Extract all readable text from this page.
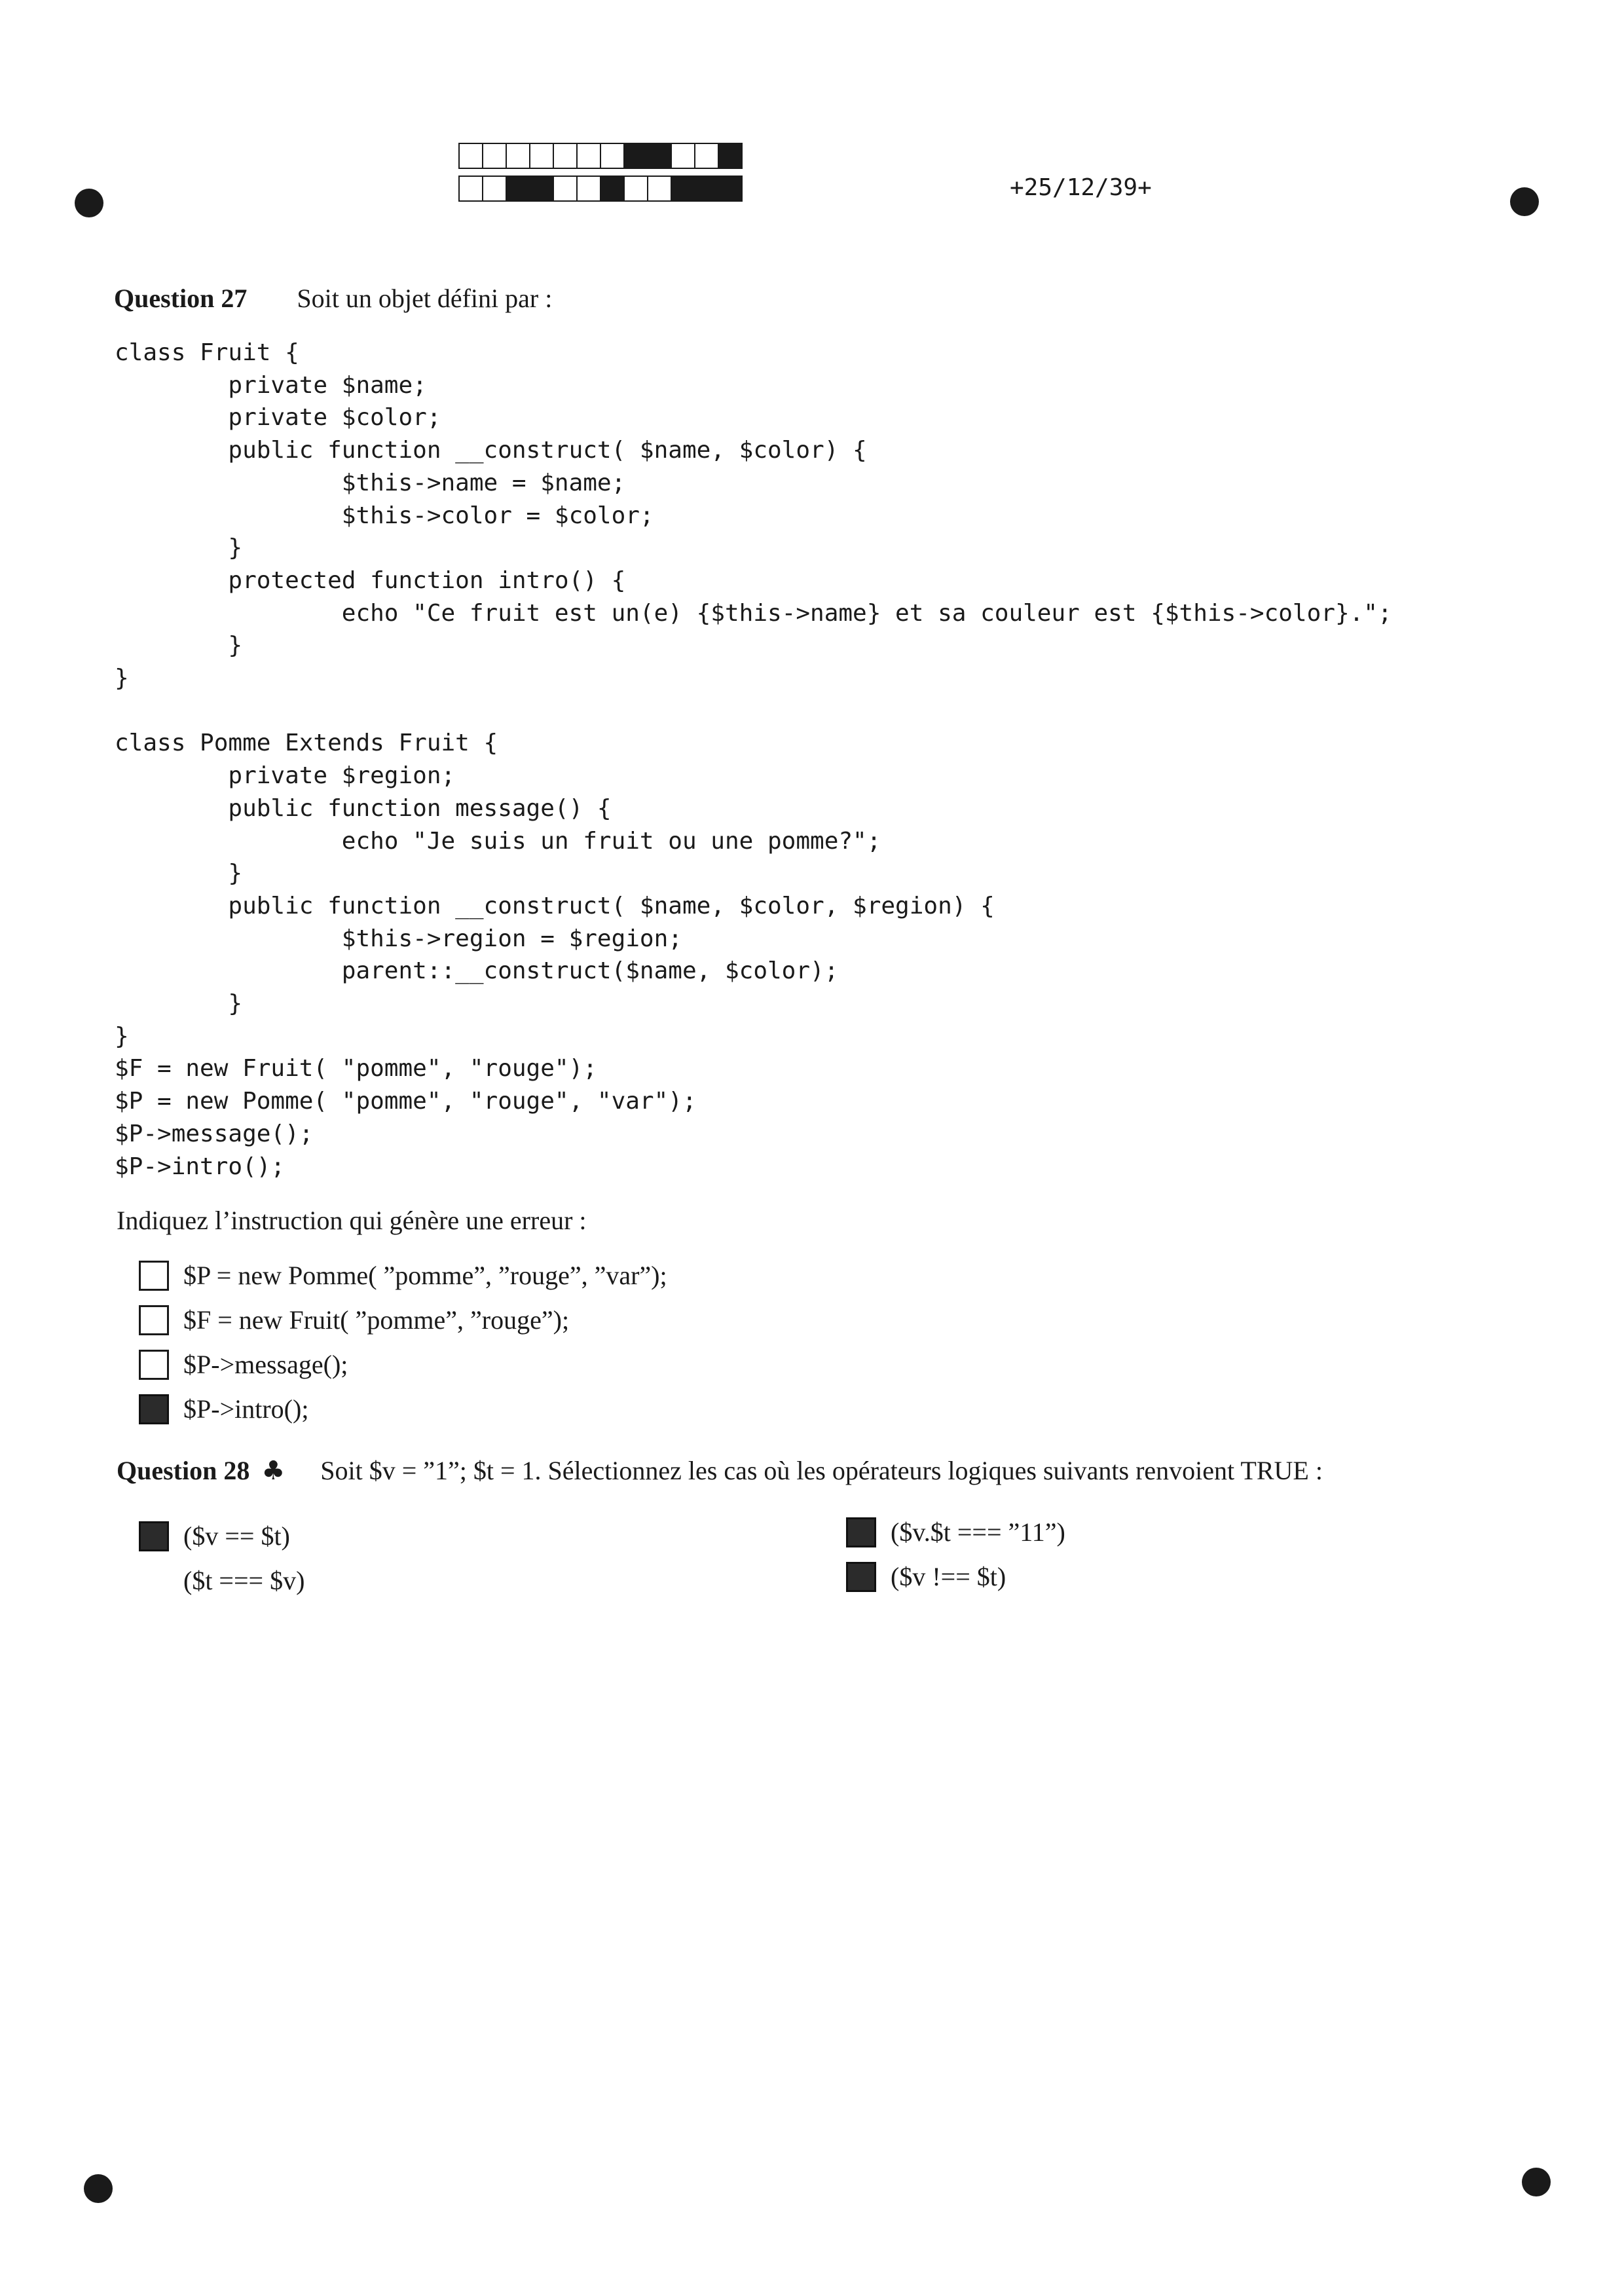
+25/12/39+
Question 27 Soit un objet défini par :
class Fruit {
private $name;
private $color;
public function __construct( $name, $color) {
$this->name = $name;
$this->color = $color;
}
protected function intro() {
echo "Ce fruit est un(e) {$this->name} et sa couleur est {$this->color}.";
}
}

class Pomme Extends Fruit {
private $region;
public function message() {
echo "Je suis un fruit ou une pomme?";
}
public function __construct( $name, $color, $region) {
$this->region = $region;
parent::__construct($name, $color);
}
}
$F = new Fruit( "pomme", "rouge");
$P = new Pomme( "pomme", "rouge", "var");
$P->message();
$P->intro();
Indiquez l’instruction qui génère une erreur :
$P = new Pomme( ”pomme”, ”rouge”, ”var”);
$F = new Fruit( ”pomme”, ”rouge”);
$P->message();
$P->intro();
Question 28 ♣ Soit $v = ”1”; $t = 1. Sélectionnez les cas où les opérateurs logiques suivants renvoient TRUE :
($v == $t)
($t === $v)
($v.$t === ”11”)
($v !== $t)
